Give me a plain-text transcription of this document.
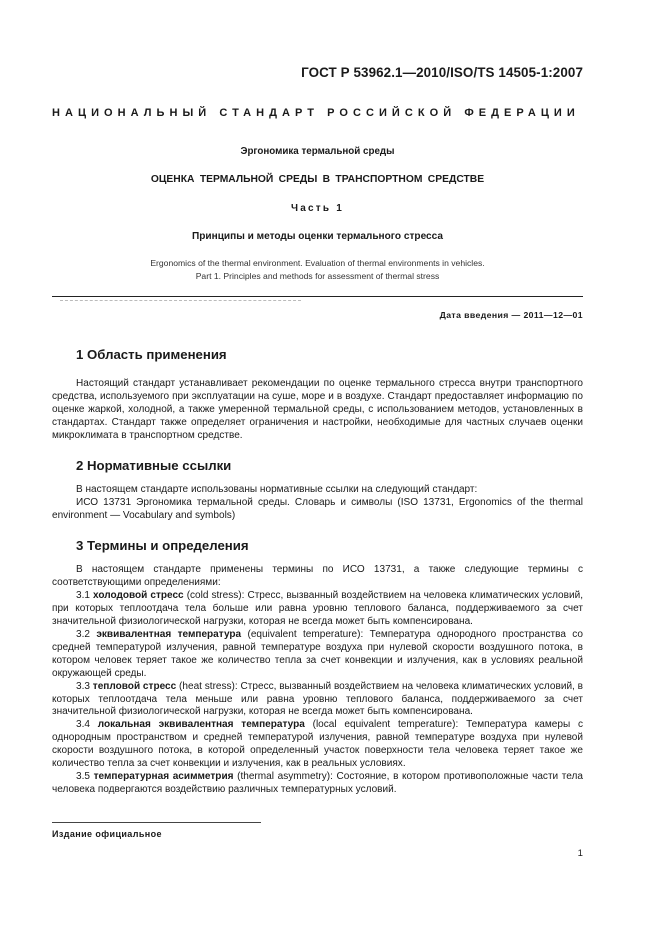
ГОСТ Р 53962.1—2010/ISO/TS 14505-1:2007
НАЦИОНАЛЬНЫЙ СТАНДАРТ РОССИЙСКОЙ ФЕДЕРАЦИИ
Эргономика термальной среды
ОЦЕНКА ТЕРМАЛЬНОЙ СРЕДЫ В ТРАНСПОРТНОМ СРЕДСТВЕ
Часть 1
Принципы и методы оценки термального стресса
Ergonomics of the thermal environment. Evaluation of thermal environments in vehicles.
Part 1. Principles and methods for assessment of thermal stress
Дата введения — 2011—12—01
1 Область применения

Настоящий стандарт устанавливает рекомендации по оценке термального стресса внутри транспортного средства, используемого при эксплуатации на суше, море и в воздухе. Стандарт предоставляет информацию по оценке жаркой, холодной, а также умеренной термальной среды, с использованием методов, установленных в стандартах. Стандарт также определяет ограничения и настройки, необходимые для частных случаев оценки микроклимата в транспортном средстве.

2 Нормативные ссылки

В настоящем стандарте использованы нормативные ссылки на следующий стандарт:

ИСО 13731 Эргономика термальной среды. Словарь и символы (ISO 13731, Ergonomics of the thermal environment — Vocabulary and symbols)

3 Термины и определения

В настоящем стандарте применены термины по ИСО 13731, а также следующие термины с соответствующими определениями:

3.1 холодовой стресс (cold stress): Стресс, вызванный воздействием на человека климатических условий, при которых теплоотдача тела больше или равна уровню теплового баланса, поддерживаемого за счет значительной физиологической нагрузки, которая не всегда может быть компенсирована.

3.2 эквивалентная температура (equivalent temperature): Температура однородного пространства со средней температурой излучения, равной температуре воздуха при нулевой скорости воздушного потока, в котором человек теряет такое же количество тепла за счет конвекции и излучения, как в условиях реальной окружающей среды.

3.3 тепловой стресс (heat stress): Стресс, вызванный воздействием на человека климатических условий, в которых теплоотдача тела меньше или равна уровню теплового баланса, поддерживаемого за счет значительной физиологической нагрузки, которая не всегда может быть компенсирована.

3.4 локальная эквивалентная температура (local equivalent temperature): Температура камеры с однородным пространством и средней температурой излучения, равной температуре воздуха при нулевой скорости воздушного потока, в которой определенный участок поверхности тела человека теряет такое же количество тепла за счет конвекции и излучения, как в реальных условиях.

3.5 температурная асимметрия (thermal asymmetry): Состояние, в котором противоположные части тела человека подвергаются воздействию различных температурных условий.

Издание официальное
1
